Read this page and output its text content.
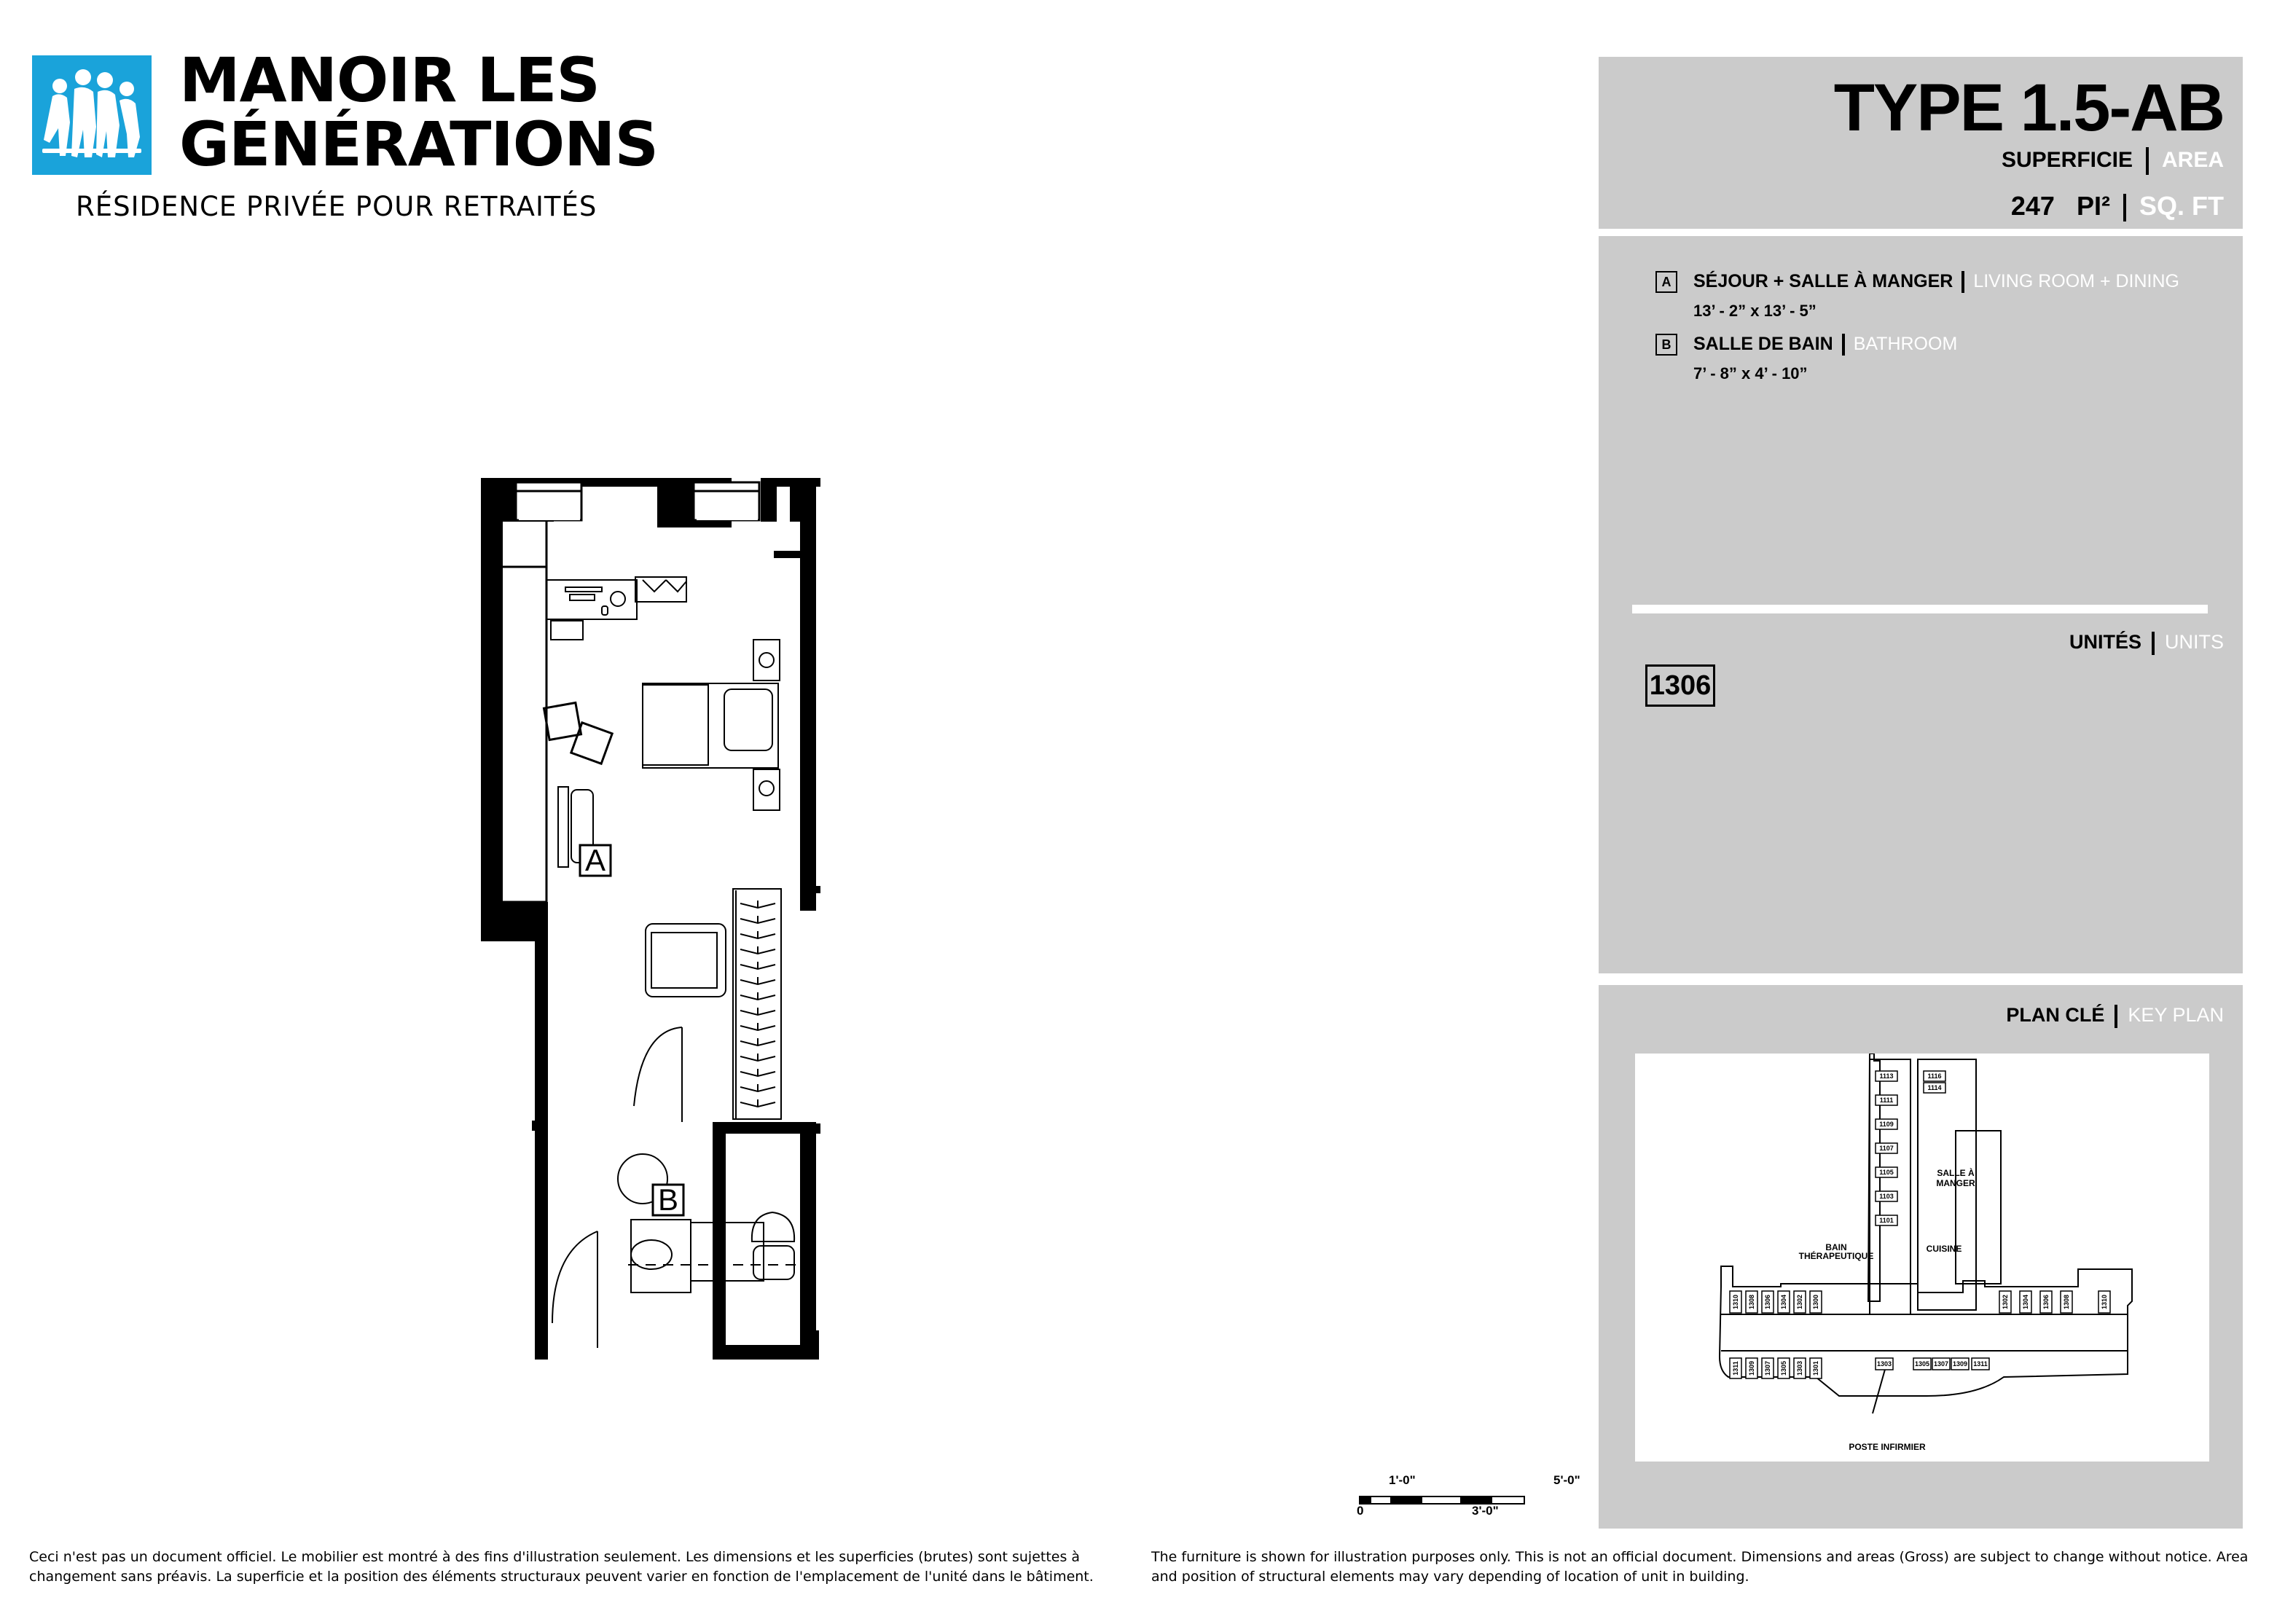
MANOIR LES
GÉNÉRATIONS
RÉSIDENCE PRIVÉE POUR RETRAITÉS
TYPE 1.5-AB
SUPERFICIE AREA
247 PI² SQ. FT
A	SÉJOUR + SALLE À MANGER LIVING ROOM + DINING
13’ - 2” x 13’ - 5”
B	SALLE DE BAIN BATHROOM
7’ - 8” x 4’ - 10”
UNITÉS UNITS
1306
PLAN CLÉ KEY PLAN
1113
1111
1109
1107
1105
1103
1101
1116
1114
1310 1308 1306 1304 1302 1300	1302 1304 1306 1308	1310
1311 1309 1307 1305 1303 1301	1303	1305 1307 1309 1311
SALLE À MANGER
BAIN THÉRAPEUTIQUE
CUISINE
POSTE INFIRMIER
A
B
1'-0"	5'-0"
0	3'-0"
Ceci n'est pas un document officiel. Le mobilier est montré à des fins d'illustration seulement. Les dimensions et les superficies (brutes) sont sujettes à changement sans préavis. La superficie et la position des éléments structuraux peuvent varier en fonction de l'emplacement de l'unité dans le bâtiment.
The furniture is shown for illustration purposes only. This is not an official document. Dimensions and areas (Gross) are subject to change without notice. Area and position of structural elements may vary depending of location of unit in building.
